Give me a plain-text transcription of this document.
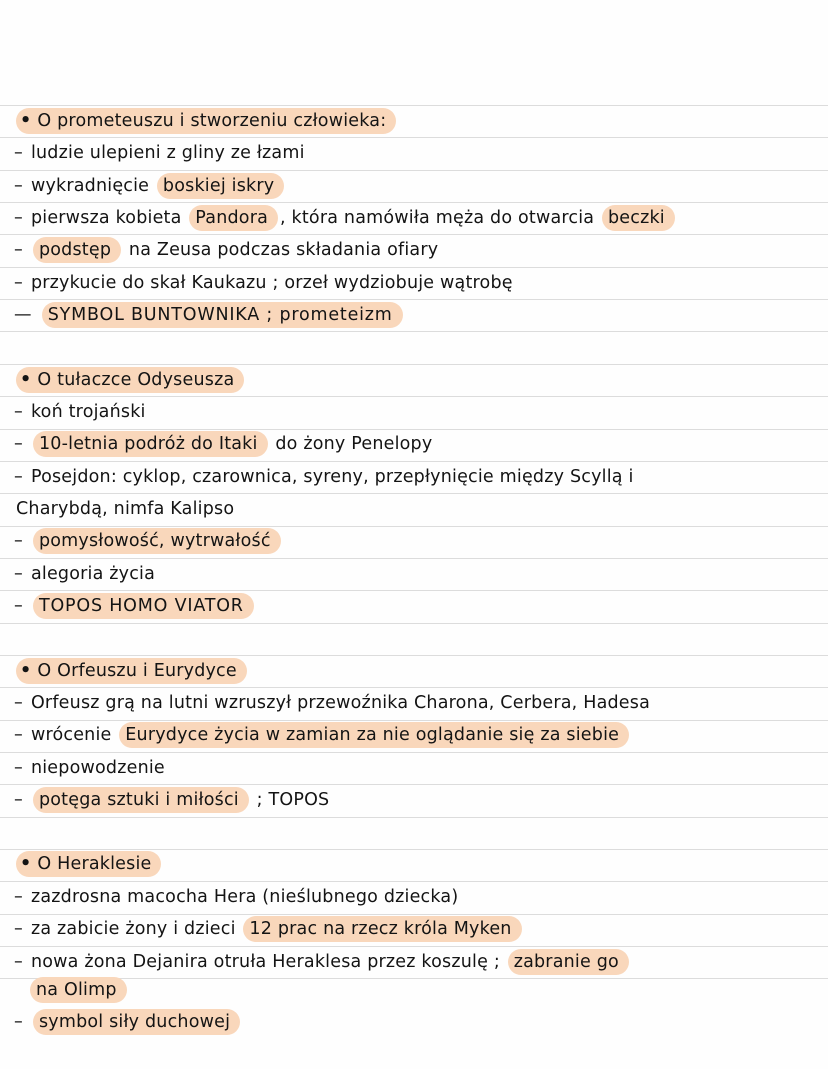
• O prometeuszu i stworzeniu człowieka:
– ludzie ulepieni z gliny ze łzami
– wykradnięcie
boskiej iskry
– pierwsza kobieta
Pandora , która namówiła męża do otwarcia
beczki
– podstęp
	na Zeusa podczas składania ofiary
– przykucie do skał Kaukazu ; orzeł wydziobuje wątrobę
— SYMBOL BUNTOWNIKA ; prometeizm
• O tułaczce Odyseusza
– koń trojański
– 10-letnia podróż do Itaki
	do żony Penelopy
– Posejdon: cyklop, czarownica, syreny, przepłynięcie między Scyllą i
Charybdą, nimfa Kalipso
– pomysłowość, wytrwałość
– alegoria życia
– TOPOS HOMO VIATOR
• O Orfeuszu i Eurydyce
– Orfeusz grą na lutni wzruszył przewoźnika Charona, Cerbera, Hadesa
– wrócenie
Eurydyce życia w zamian za nie oglądanie się za siebie
– niepowodzenie
– potęga sztuki i miłości
	; TOPOS
• O Heraklesie
– zazdrosna macocha Hera (nieślubnego dziecka)
– za zabicie żony i dzieci
12 prac na rzecz króla Myken
– nowa żona Dejanira otruła Heraklesa przez koszulę ;
zabranie go
na Olimp
– symbol siły duchowej
